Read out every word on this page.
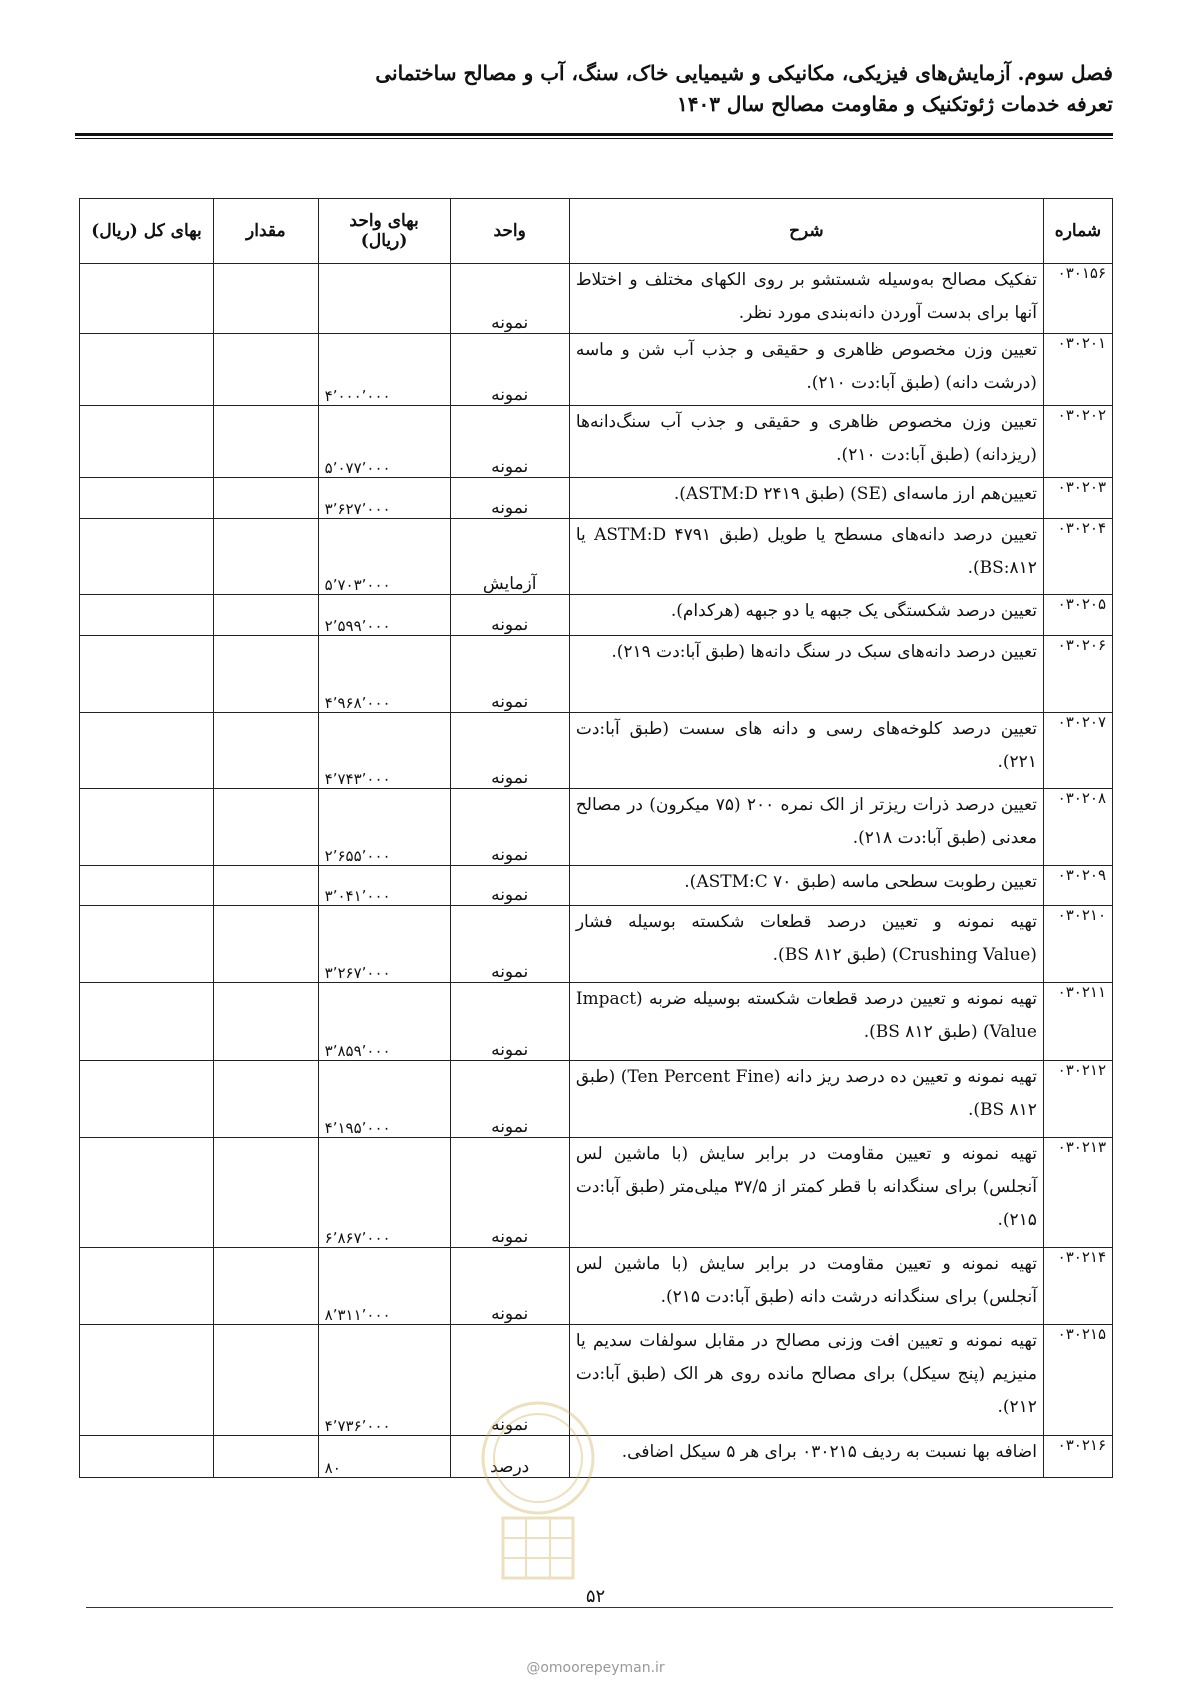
فصل سوم. آزمایش‌های فیزیکی، مکانیکی و شیمیایی خاک، سنگ، آب و مصالح ساختمانی
تعرفه خدمات ژئوتکنیک و مقاومت مصالح سال ۱۴۰۳
شماره	شرح	واحد	بهای واحد (ریال)	مقدار	بهای کل (ریال)
۰۳۰۱۵۶	تفکیک مصالح به‌وسیله شستشو بر روی الکهای مختلف و اختلاط آنها برای بدست آوردن دانه‌بندی مورد نظر.	نمونه			
۰۳۰۲۰۱	تعیین وزن مخصوص ظاهری و حقیقی و جذب آب شن و ماسه (درشت دانه) (طبق آبا:دت ۲۱۰).	نمونه	۴٬۰۰۰٬۰۰۰		
۰۳۰۲۰۲	تعیین وزن مخصوص ظاهری و حقیقی و جذب آب سنگ‌دانه‌ها (ریزدانه) (طبق آبا:دت ۲۱۰).	نمونه	۵٬۰۷۷٬۰۰۰		
۰۳۰۲۰۳	تعیین‌هم ارز ماسه‌ای (SE) (طبق ASTM:D ۲۴۱۹).	نمونه	۳٬۶۲۷٬۰۰۰		
۰۳۰۲۰۴	تعیین درصد دانه‌های مسطح یا طویل (طبق ASTM:D ۴۷۹۱ یا BS:۸۱۲).	آزمایش	۵٬۷۰۳٬۰۰۰		
۰۳۰۲۰۵	تعیین درصد شکستگی یک جبهه یا دو جبهه (هرکدام).	نمونه	۲٬۵۹۹٬۰۰۰		
۰۳۰۲۰۶	تعیین درصد دانه‌های سبک در سنگ دانه‌ها (طبق آبا:دت ۲۱۹).	نمونه	۴٬۹۶۸٬۰۰۰		
۰۳۰۲۰۷	تعیین درصد کلوخه‌های رسی و دانه های سست (طبق آبا:دت ۲۲۱).	نمونه	۴٬۷۴۳٬۰۰۰		
۰۳۰۲۰۸	تعیین درصد ذرات ریزتر از الک نمره ۲۰۰ (۷۵ میکرون) در مصالح معدنی (طبق آبا:دت ۲۱۸).	نمونه	۲٬۶۵۵٬۰۰۰		
۰۳۰۲۰۹	تعیین رطوبت سطحی ماسه (طبق ASTM:C ۷۰).	نمونه	۳٬۰۴۱٬۰۰۰		
۰۳۰۲۱۰	تهیه نمونه و تعیین درصد قطعات شکسته بوسیله فشار (Crushing Value) (طبق BS ۸۱۲).	نمونه	۳٬۲۶۷٬۰۰۰		
۰۳۰۲۱۱	تهیه نمونه و تعیین درصد قطعات شکسته بوسیله ضربه (Impact Value) (طبق BS ۸۱۲).	نمونه	۳٬۸۵۹٬۰۰۰		
۰۳۰۲۱۲	تهیه نمونه و تعیین ده درصد ریز دانه (Ten Percent Fine) (طبق BS ۸۱۲).	نمونه	۴٬۱۹۵٬۰۰۰		
۰۳۰۲۱۳	تهیه نمونه و تعیین مقاومت در برابر سایش (با ماشین لس آنجلس) برای سنگدانه با قطر کمتر از ۳۷/۵ میلی‌متر (طبق آبا:دت ۲۱۵).	نمونه	۶٬۸۶۷٬۰۰۰		
۰۳۰۲۱۴	تهیه نمونه و تعیین مقاومت در برابر سایش (با ماشین لس آنجلس) برای سنگدانه درشت دانه (طبق آبا:دت ۲۱۵).	نمونه	۸٬۳۱۱٬۰۰۰		
۰۳۰۲۱۵	تهیه نمونه و تعیین افت وزنی مصالح در مقابل سولفات سدیم یا منیزیم (پنج سیکل) برای مصالح مانده روی هر الک (طبق آبا:دت ۲۱۲).	نمونه	۴٬۷۳۶٬۰۰۰		
۰۳۰۲۱۶	اضافه بها نسبت به ردیف ۰۳۰۲۱۵ برای هر ۵ سیکل اضافی.	درصد	۸۰		
۵۲
@omoorepeyman.ir
